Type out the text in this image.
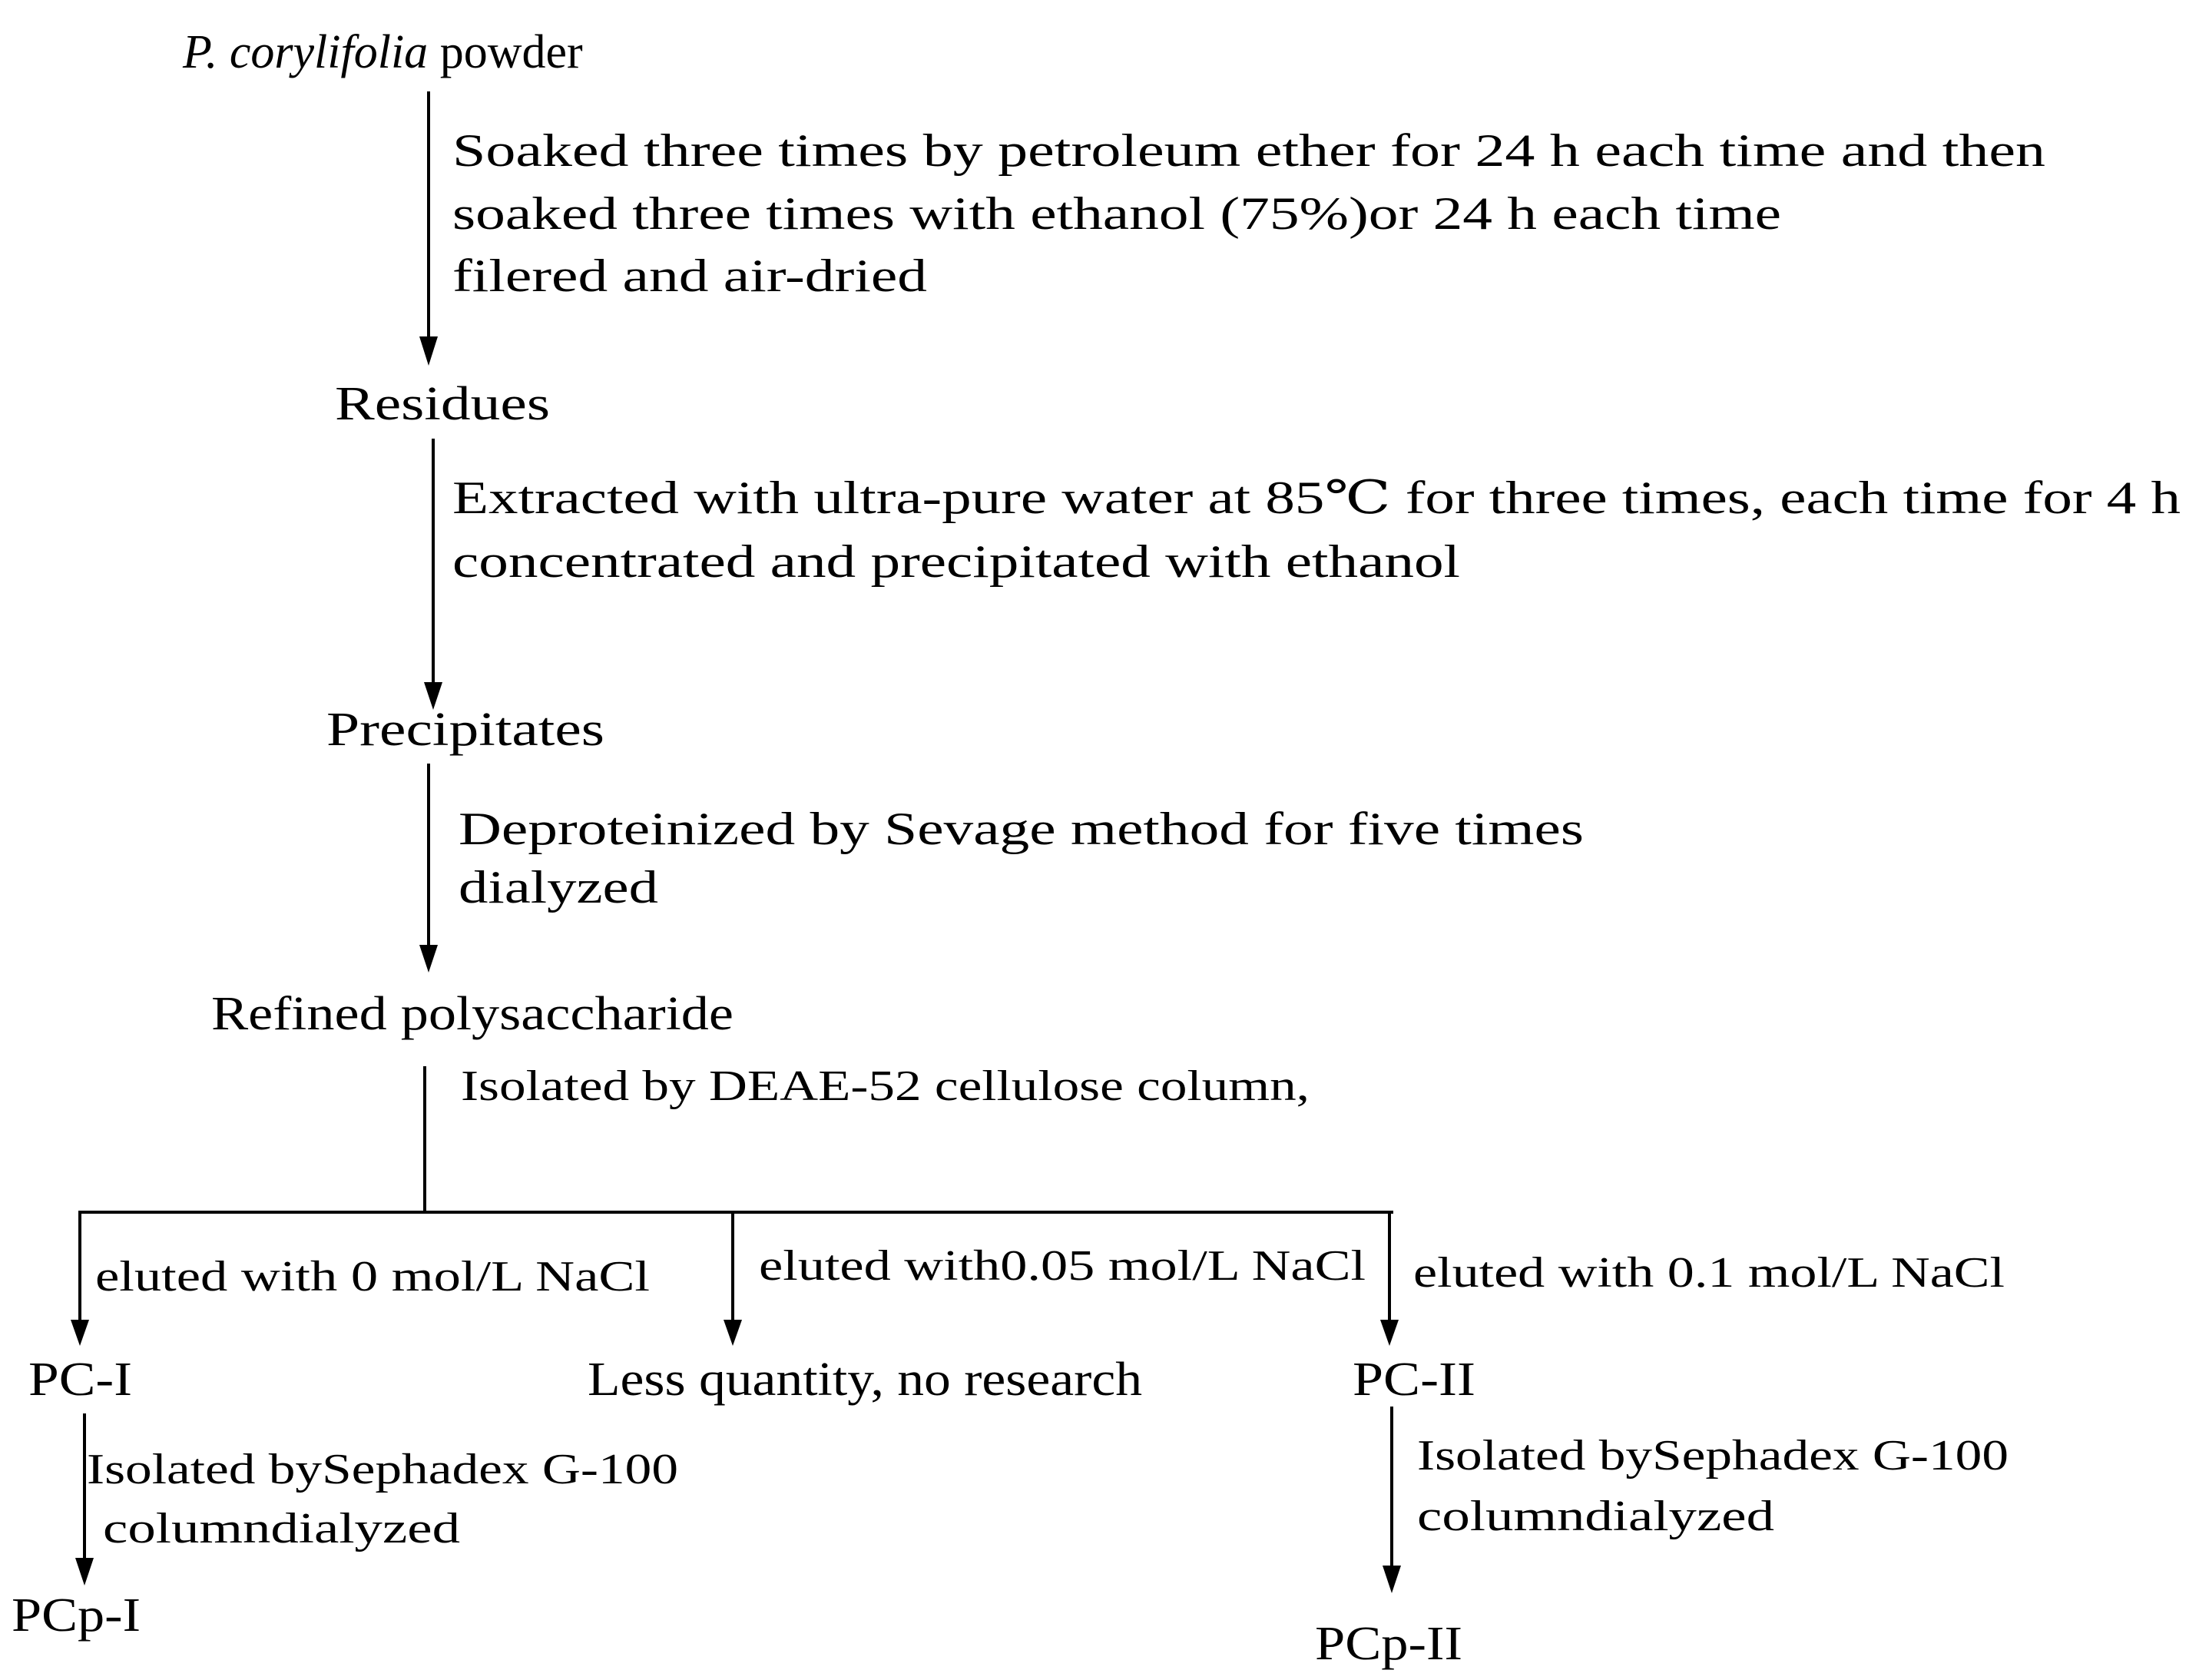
P. corylifolia powder
Soaked three times by petroleum ether for 24 h each time and then
soaked three times with ethanol (75%)or 24 h each time
filered and air-dried
Residues
Extracted with ultra-pure water at 85℃ for three times, each time for 4 h
concentrated and precipitated with ethanol
Precipitates
Deproteinized by Sevage method for five times
dialyzed
Refined polysaccharide
Isolated by DEAE-52 cellulose column,
eluted with 0 mol/L NaCl
PC-I
Isolated bySephadex G-100
columndialyzed
PCp-I
eluted with0.05 mol/L NaCl
Less quantity, no research
eluted with 0.1 mol/L NaCl
PC-II
Isolated bySephadex G-100
columndialyzed
PCp-II
